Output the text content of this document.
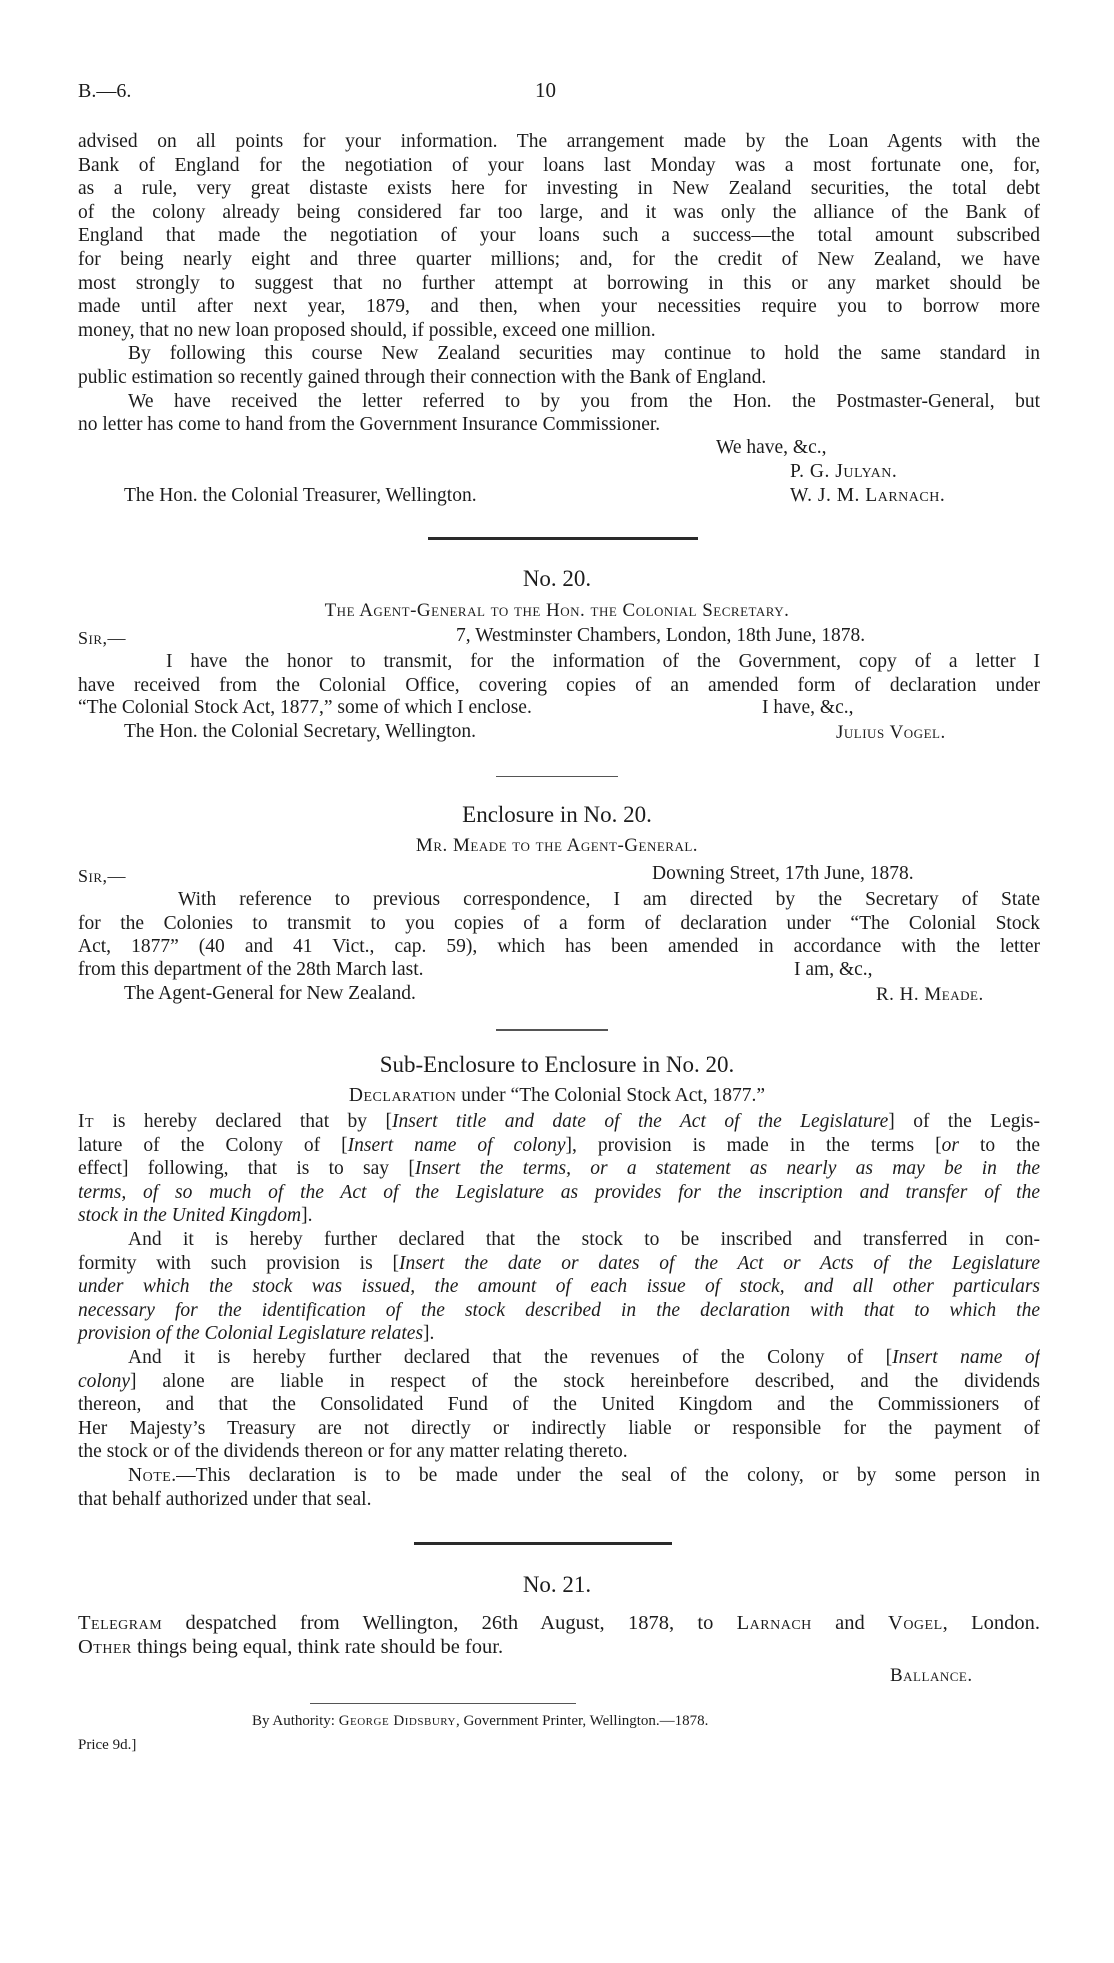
B.—6.	10
advised on all points for your information. The arrangement made by the Loan Agents with the
Bank of England for the negotiation of your loans last Monday was a most fortunate one, for,
as a rule, very great distaste exists here for investing in New Zealand securities, the total debt
of the colony already being considered far too large, and it was only the alliance of the Bank of
England that made the negotiation of your loans such a success—the total amount subscribed
for being nearly eight and three quarter millions; and, for the credit of New Zealand, we have
most strongly to suggest that no further attempt at borrowing in this or any market should be
made until after next year, 1879, and then, when your necessities require you to borrow more
money, that no new loan proposed should, if possible, exceed one million.
By following this course New Zealand securities may continue to hold the same standard in
public estimation so recently gained through their connection with the Bank of England.
We have received the letter referred to by you from the Hon. the Postmaster-General, but
no letter has come to hand from the Government Insurance Commissioner.
We have, &c.,
P. G. Julyan.
The Hon. the Colonial Treasurer, Wellington.	W. J. M. Larnach.
No. 20.
The Agent-General to the Hon. the Colonial Secretary.
Sir,—	7, Westminster Chambers, London, 18th June, 1878.
I have the honor to transmit, for the information of the Government, copy of a letter I
have received from the Colonial Office, covering copies of an amended form of declaration under
“The Colonial Stock Act, 1877,” some of which I enclose.	I have, &c.,
The Hon. the Colonial Secretary, Wellington.	Julius Vogel.
Enclosure in No. 20.
Mr. Meade to the Agent-General.
Sir,—	Downing Street, 17th June, 1878.
With reference to previous correspondence, I am directed by the Secretary of State
for the Colonies to transmit to you copies of a form of declaration under “The Colonial Stock
Act, 1877” (40 and 41 Vict., cap. 59), which has been amended in accordance with the letter
from this department of the 28th March last.	I am, &c.,
The Agent-General for New Zealand.	R. H. Meade.
Sub-Enclosure to Enclosure in No. 20.
Declaration under “The Colonial Stock Act, 1877.”
It is hereby declared that by [Insert title and date of the Act of the Legislature] of the Legis-
lature of the Colony of [Insert name of colony], provision is made in the terms [or to the
effect] following, that is to say [Insert the terms, or a statement as nearly as may be in the
terms, of so much of the Act of the Legislature as provides for the inscription and transfer of the
stock in the United Kingdom].
And it is hereby further declared that the stock to be inscribed and transferred in con-
formity with such provision is [Insert the date or dates of the Act or Acts of the Legislature
under which the stock was issued, the amount of each issue of stock, and all other particulars
necessary for the identification of the stock described in the declaration with that to which the
provision of the Colonial Legislature relates].
And it is hereby further declared that the revenues of the Colony of [Insert name of
colony] alone are liable in respect of the stock hereinbefore described, and the dividends
thereon, and that the Consolidated Fund of the United Kingdom and the Commissioners of
Her Majesty’s Treasury are not directly or indirectly liable or responsible for the payment of
the stock or of the dividends thereon or for any matter relating thereto.
Note.—This declaration is to be made under the seal of the colony, or by some person in
that behalf authorized under that seal.
No. 21.
Telegram despatched from Wellington, 26th August, 1878, to Larnach and Vogel, London.
Other things being equal, think rate should be four.
Ballance.
By Authority: George Didsbury, Government Printer, Wellington.—1878.
Price 9d.]
